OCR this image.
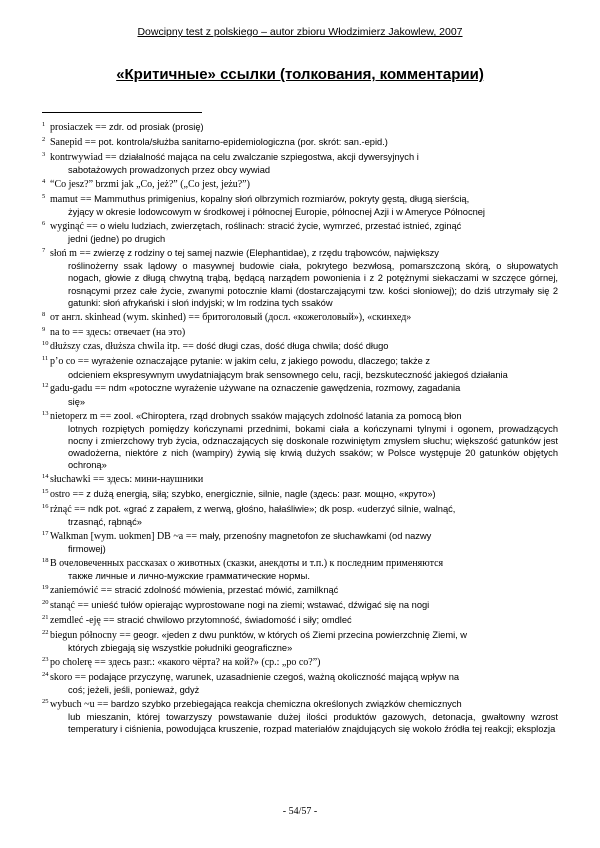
Dowcipny test z polskiego – autor zbioru Włodzimierz Jakowlew, 2007
«Критичные» ссылки (толкования, комментарии)
1 prosiaczek == zdr. od prosiak (prosię)
2 Sanepid == pot. kontrola/służba sanitarno-epidemiologiczna (por. skrót: san.-epid.)
3 kontrwywiad == działalność mająca na celu zwalczanie szpiegostwa, akcji dywersyjnych i
sabotażowych prowadzonych przez obcy wywiad
4 “Co jesz?” brzmi jak „Co, jeż?” („Co jest, jeżu?”)
5 mamut == Mammuthus primigenius, kopalny słoń olbrzymich rozmiarów, pokryty gęstą, długą sierścią,
żyjący w okresie lodowcowym w środkowej i północnej Europie, północnej Azji i w Ameryce Północnej
6 wyginąć == o wielu ludziach, zwierzętach, roślinach: stracić życie, wymrzeć, przestać istnieć, zginąć
jedni (jedne) po drugich
7 słoń m == zwierzę z rodziny o tej samej nazwie (Elephantidae), z rzędu trąbowców, największy
roślinożerny ssak lądowy o masywnej budowie ciała, pokrytego bezwłosą, pomarszczoną skórą, o słupowatych nogach, głowie z długą chwytną trąbą, będącą narządem powonienia i z 2 potężnymi siekaczami w szczęce górnej, rosnącymi przez całe życie, zwanymi potocznie kłami (dostarczającymi tzw. kości słoniowej); do dziś utrzymały się 2 gatunki: słoń afrykański i słoń indyjski; w lm rodzina tych ssaków
8 от англ. skinhead (wym. skinhed) == бритоголовый (досл. «кожеголовый»), «скинхед»
9 na to == здесь: отвечает (на это)
10 dłuższy czas, dłuższa chwila itp. == dość długi czas, dość długa chwila; dość długo
11 p’o co == wyrażenie oznaczające pytanie: w jakim celu, z jakiego powodu, dlaczego; także z
odcieniem ekspresywnym uwydatniającym brak sensownego celu, racji, bezskuteczność jakiegoś działania
12 gadu-gadu == ndm «potoczne wyrażenie używane na oznaczenie gawędzenia, rozmowy, zagadania
się»
13 nietoperz m == zool. «Chiroptera, rząd drobnych ssaków mających zdolność latania za pomocą błon
lotnych rozpiętych pomiędzy kończynami przednimi, bokami ciała a kończynami tylnymi i ogonem, prowadzących nocny i zmierzchowy tryb życia, odznaczających się doskonale rozwiniętym zmysłem słuchu; większość gatunków jest owadożerna, niektóre z nich (wampiry) żywią się krwią dużych ssaków; w Polsce występuje 20 gatunków objętych ochroną»
14 słuchawki == здесь: мини-наушники
15 ostro == z dużą energią, siłą; szybko, energicznie, silnie, nagle (здесь: разг. мощно, «круто»)
16 rżnąć == ndk pot. «grać z zapałem, z werwą, głośno, hałaśliwie»; dk posp. «uderzyć silnie, walnąć,
trzasnąć, rąbnąć»
17 Walkman [wym. uokmen] DB ~a == mały, przenośny magnetofon ze słuchawkami (od nazwy
firmowej)
18 В очеловеченных рассказах о животных (сказки, анекдоты и т.п.) к последним применяются
также личные и лично-мужские грамматические нормы.
19 zaniemówić == stracić zdolność mówienia, przestać mówić, zamilknąć
20 stanąć == unieść tułów opierając wyprostowane nogi na ziemi; wstawać, dźwigać się na nogi
21 zemdleć -eję == stracić chwilowo przytomność, świadomość i siły; omdleć
22 biegun północny == geogr. «jeden z dwu punktów, w których oś Ziemi przecina powierzchnię Ziemi, w
których zbiegają się wszystkie południki geograficzne»
23 po cholerę == здесь разг.: «какого чёрта? на кой?» (ср.: „po co?”)
24 skoro == podające przyczynę, warunek, uzasadnienie czegoś, ważną okoliczność mającą wpływ na
coś; jeżeli, jeśli, ponieważ, gdyż
25 wybuch ~u == bardzo szybko przebiegająca reakcja chemiczna określonych związków chemicznych
lub mieszanin, której towarzyszy powstawanie dużej ilości produktów gazowych, detonacja, gwałtowny wzrost temperatury i ciśnienia, powodująca kruszenie, rozpad materiałów znajdujących się wokoło źródła tej reakcji; eksplozja
- 54/57 -
